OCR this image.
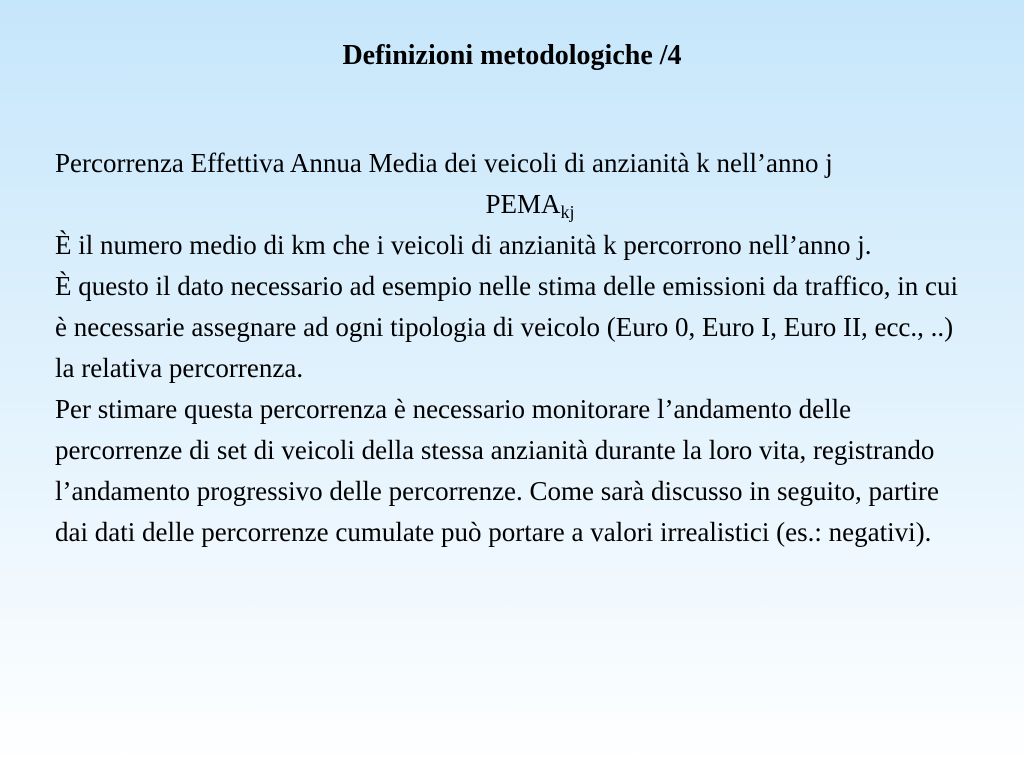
Definizioni metodologiche /4

Percorrenza Effettiva Annua Media dei veicoli di anzianità k nell’anno j

$PEMA_{kj}$

È il numero medio di km che i veicoli di anzianità k percorrono nell’anno j.

È questo il dato necessario ad esempio nelle stima delle emissioni da traffico, in cui è necessarie assegnare ad ogni tipologia di veicolo (Euro 0, Euro I, Euro II, ecc., ..) la relativa percorrenza.

Per stimare questa percorrenza è necessario monitorare l’andamento delle percorrenze di set di veicoli della stessa anzianità durante la loro vita, registrando l’andamento progressivo delle percorrenze. Come sarà discusso in seguito, partire dai dati delle percorrenze cumulate può portare a valori irrealistici (es.: negativi).
